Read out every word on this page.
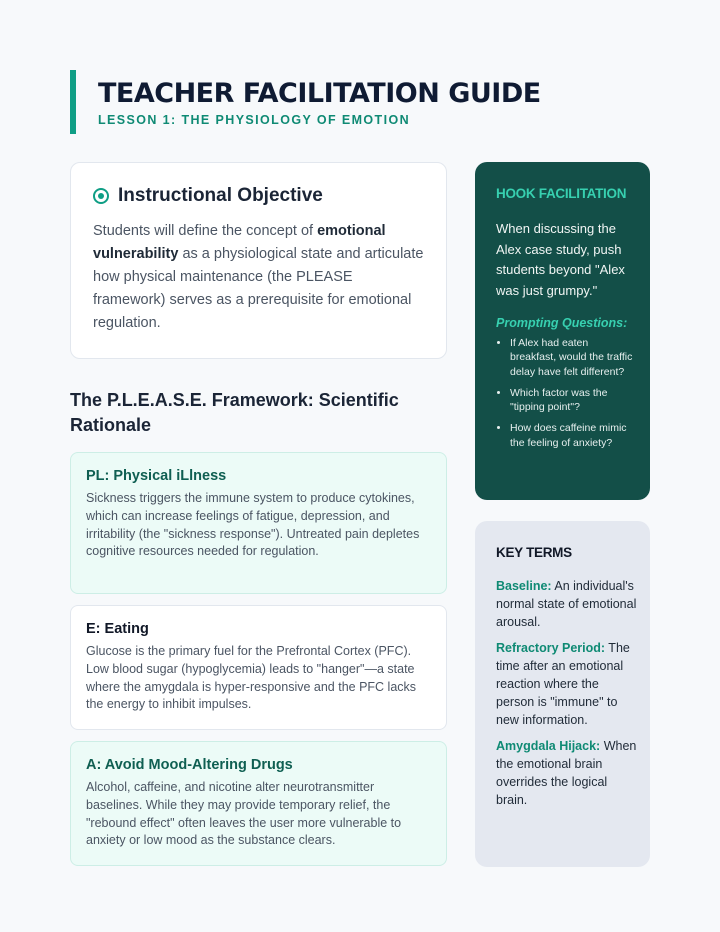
TEACHER FACILITATION GUIDE
LESSON 1: THE PHYSIOLOGY OF EMOTION
Instructional Objective

Students will define the concept of emotional vulnerability as a physiological state and articulate how physical maintenance (the PLEASE framework) serves as a prerequisite for emotional regulation.

The P.L.E.A.S.E. Framework: Scientific Rationale
PL: Physical iLlness
Sickness triggers the immune system to produce cytokines, which can increase feelings of fatigue, depression, and irritability (the "sickness response"). Untreated pain depletes cognitive resources needed for regulation.
E: Eating
Glucose is the primary fuel for the Prefrontal Cortex (PFC). Low blood sugar (hypoglycemia) leads to "hanger"—a state where the amygdala is hyper-responsive and the PFC lacks the energy to inhibit impulses.
A: Avoid Mood-Altering Drugs
Alcohol, caffeine, and nicotine alter neurotransmitter baselines. While they may provide temporary relief, the "rebound effect" often leaves the user more vulnerable to anxiety or low mood as the substance clears.
HOOK FACILITATION
When discussing the Alex case study, push students beyond "Alex was just grumpy."
Prompting Questions:
• If Alex had eaten breakfast, would the traffic delay have felt different?
• Which factor was the "tipping point"?
• How does caffeine mimic the feeling of anxiety?
KEY TERMS
Baseline: An individual's normal state of emotional arousal.
Refractory Period: The time after an emotional reaction where the person is "immune" to new information.
Amygdala Hijack: When the emotional brain overrides the logical brain.
